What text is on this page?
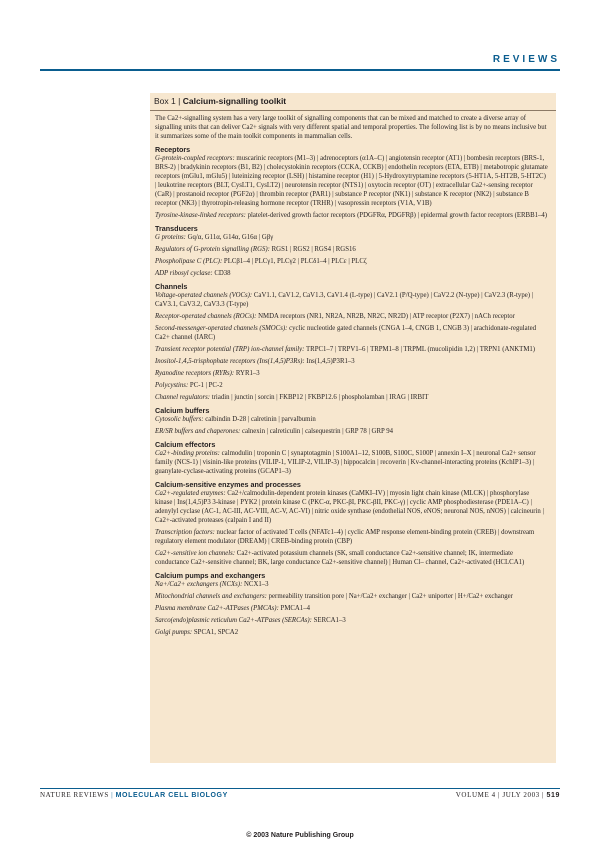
REVIEWS
Box 1 | Calcium-signalling toolkit

The Ca2+-signalling system has a very large toolkit of signalling components that can be mixed and matched to create a diverse array of signalling units that can deliver Ca2+ signals with very different spatial and temporal properties. The following list is by no means inclusive but it summarizes some of the main toolkit components in mammalian cells.

Receptors

G-protein-coupled receptors: muscarinic receptors (M1–3) | adrenoceptors (α1A–C) | angiotensin receptor (AT1) | bombesin receptors (BRS-1, BRS-2) | bradykinin receptors (B1, B2) | cholecystokinin receptors (CCKA, CCKB) | endothelin receptors (ETA, ETB) | metabotropic glutamate receptors (mGlu1, mGlu5) | luteinizing receptor (LSH) | histamine receptor (H1) | 5-Hydroxytryptamine receptors (5-HT1A, 5-HT2B, 5-HT2C) | leukotrine receptors (BLT, CysLT1, CysLT2) | neurotensin receptor (NTS1) | oxytocin receptor (OT) | extracellular Ca2+-sensing receptor (CaR) | prostanoid receptor (PGF2α) | thrombin receptor (PAR1) | substance P receptor (NK1) | substance K receptor (NK2) | substance B receptor (NK3) | thyrotropin-releasing hormone receptor (TRHR) | vasopressin receptors (V1A, V1B)

Tyrosine-kinase-linked receptors: platelet-derived growth factor receptors (PDGFRα, PDGFRβ) | epidermal growth factor receptors (ERBB1–4)

Transducers

G proteins: Gq/α, G11α, G14α, G16α | Gβγ

Regulators of G-protein signalling (RGS): RGS1 | RGS2 | RGS4 | RGS16

Phospholipase C (PLC): PLCβ1–4 | PLCγ1, PLCγ2 | PLCδ1–4 | PLCε | PLCζ

ADP ribosyl cyclase: CD38

Channels

Voltage-operated channels (VOCs): CaV1.1, CaV1.2, CaV1.3, CaV1.4 (L-type) | CaV2.1 (P/Q-type) | CaV2.2 (N-type) | CaV2.3 (R-type) | CaV3.1, CaV3.2, CaV3.3 (T-type)

Receptor-operated channels (ROCs): NMDA receptors (NR1, NR2A, NR2B, NR2C, NR2D) | ATP receptor (P2X7) | nACh receptor

Second-messenger-operated channels (SMOCs): cyclic nucleotide gated channels (CNGA 1–4, CNGB 1, CNGB 3) | arachidonate-regulated Ca2+ channel (IARC)

Transient receptor potential (TRP) ion-channel family: TRPC1–7 | TRPV1–6 | TRPM1–8 | TRPML (mucolipidin 1,2) | TRPN1 (ANKTM1)

Inositol-1,4,5-trisphophate receptors (Ins(1,4,5)P3Rs): Ins(1,4,5)P3R1–3

Ryanodine receptors (RYRs): RYR1–3

Polycystins: PC-1 | PC-2

Channel regulators: triadin | junctin | sorcin | FKBP12 | FKBP12.6 | phospholamban | IRAG | IRBIT

Calcium buffers

Cytosolic buffers: calbindin D-28 | calretinin | parvalbumin

ER/SR buffers and chaperones: calnexin | calreticulin | calsequestrin | GRP 78 | GRP 94

Calcium effectors

Ca2+-binding proteins: calmodulin | troponin C | synaptotagmin | S100A1–12, S100B, S100C, S100P | annexin I–X | neuronal Ca2+ sensor family (NCS-1) | visinin-like proteins (VILIP-1, VILIP-2, VILIP-3) | hippocalcin | recoverin | Kv-channel-interacting proteins (KchIP1–3) | guanylate-cyclase-activating proteins (GCAP1–3)

Calcium-sensitive enzymes and processes

Ca2+-regulated enzymes: Ca2+/calmodulin-dependent protein kinases (CaMKI–IV) | myosin light chain kinase (MLCK) | phosphorylase kinase | Ins(1,4,5)P3 3-kinase | PYK2 | protein kinase C (PKC-α, PKC-βI, PKC-βII, PKC-γ) | cyclic AMP phosphodiesterase (PDE1A–C) | adenylyl cyclase (AC-1, AC-III, AC-VIII, AC-V, AC-VI) | nitric oxide synthase (endothelial NOS, eNOS; neuronal NOS, nNOS) | calcineurin | Ca2+-activated proteases (calpain I and II)

Transcription factors: nuclear factor of activated T cells (NFATc1–4) | cyclic AMP response element-binding protein (CREB) | downstream regulatory element modulator (DREAM) | CREB-binding protein (CBP)

Ca2+-sensitive ion channels: Ca2+-activated potassium channels (SK, small conductance Ca2+-sensitive channel; IK, intermediate conductance Ca2+-sensitive channel; BK, large conductance Ca2+-sensitive channel) | Human Cl– channel, Ca2+-activated (HCLCA1)

Calcium pumps and exchangers

Na+/Ca2+ exchangers (NCXs): NCX1–3

Mitochondrial channels and exchangers: permeability transition pore | Na+/Ca2+ exchanger | Ca2+ uniporter | H+/Ca2+ exchanger

Plasma membrane Ca2+-ATPases (PMCAs): PMCA1–4

Sarco(endo)plasmic reticulum Ca2+-ATPases (SERCAs): SERCA1–3

Golgi pumps: SPCA1, SPCA2

NATURE REVIEWS | MOLECULAR CELL BIOLOGY	VOLUME 4 | JULY 2003 | 519
© 2003 Nature Publishing Group
